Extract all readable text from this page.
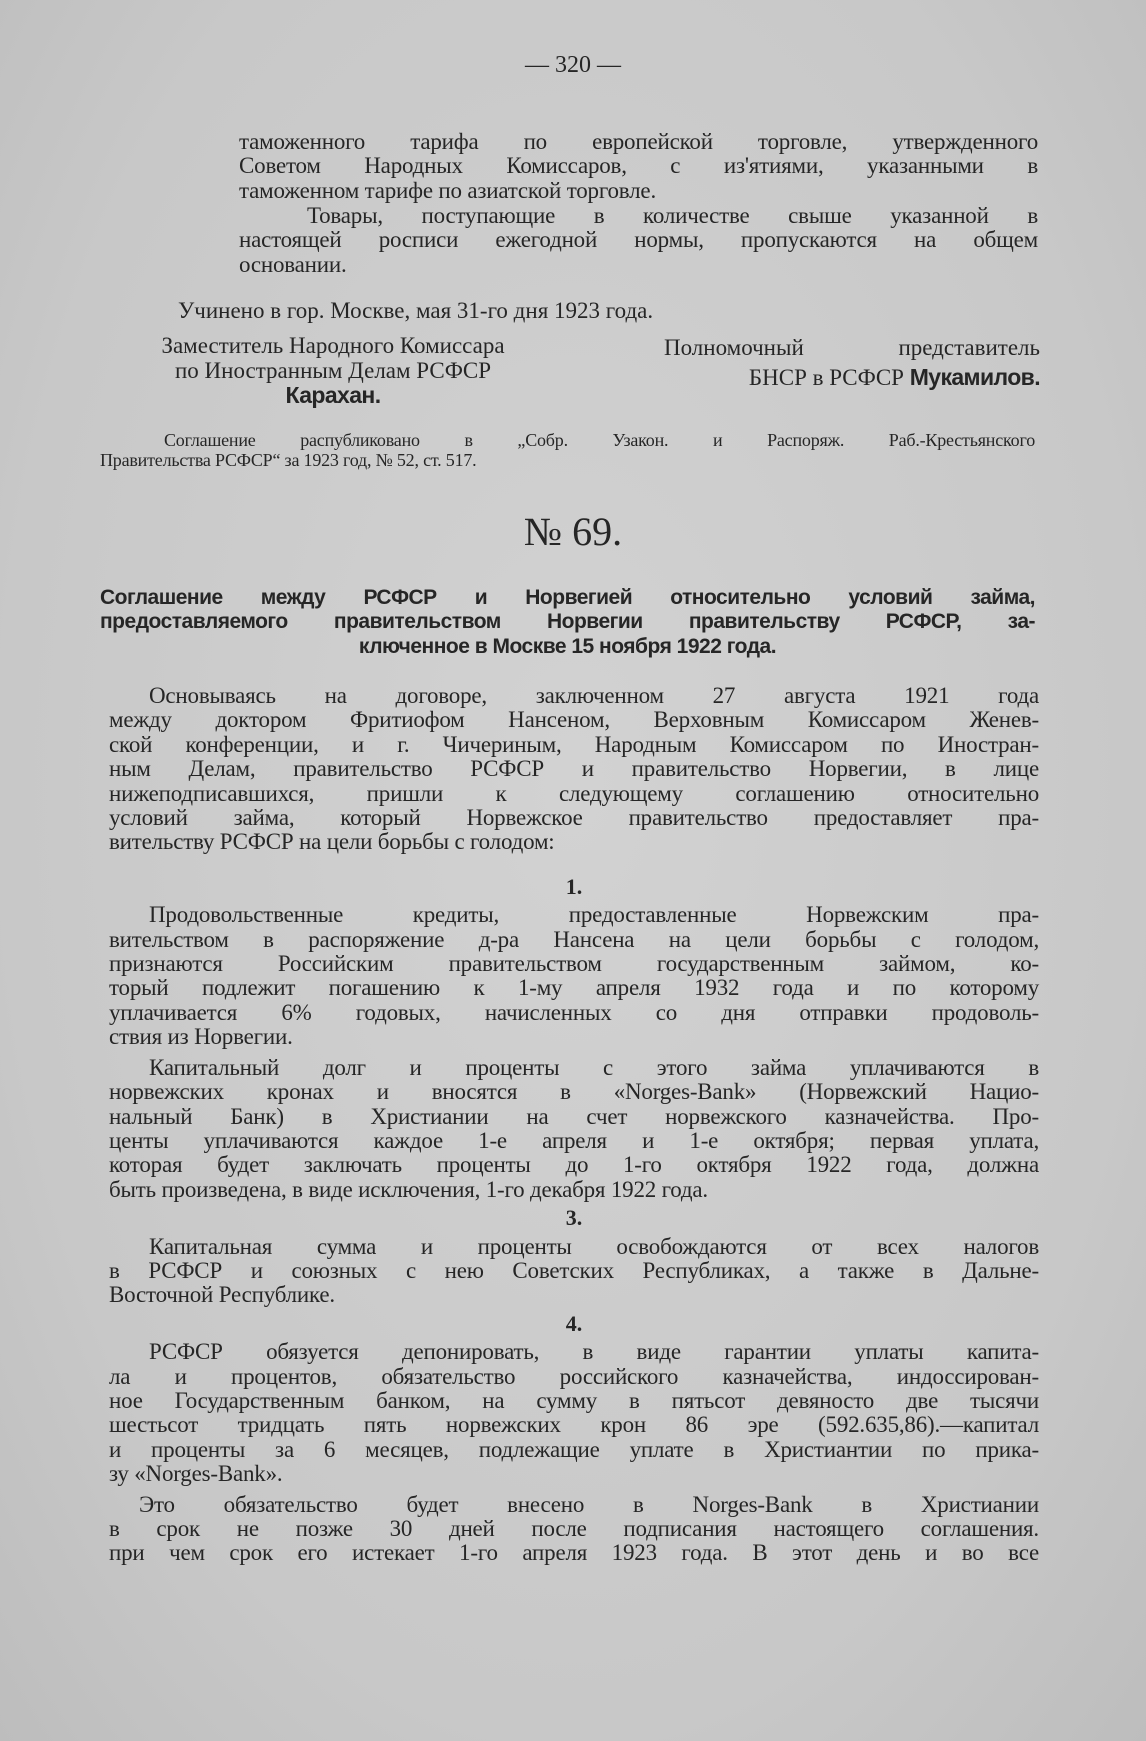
— 320 —
таможенного тарифа по европейской торговле, утвержденного
Советом Народных Комиссаров, с из'ятиями, указанными в
таможенном тарифе по азиатской торговле.
Товары, поступающие в количестве свыше указанной в
настоящей росписи ежегодной нормы, пропускаются на общем
основании.
Учинено в гор. Москве, мая 31-го дня 1923 года.
Заместитель Народного Комиссара
по Иностранным Делам РСФСР
Карахан.
Полномочный представитель
БНСР в РСФСР Мукамилов.
Соглашение распубликовано в „Собр. Узакон. и Распоряж. Раб.-Крестьянского
Правительства РСФСР“ за 1923 год, № 52, ст. 517.
№ 69.
Соглашение между РСФСР и Норвегией относительно условий займа,
предоставляемого правительством Норвегии правительству РСФСР, за-
ключенное в Москве 15 ноября 1922 года.
Основываясь на договоре, заключенном 27 августа 1921 года
между доктором Фритиофом Нансеном, Верховным Комиссаром Женев-
ской конференции, и г. Чичериным, Народным Комиссаром по Иностран-
ным Делам, правительство РСФСР и правительство Норвегии, в лице
нижеподписавшихся, пришли к следующему соглашению относительно
условий займа, который Норвежское правительство предоставляет пра-
вительству РСФСР на цели борьбы с голодом:
1.
Продовольственные кредиты, предоставленные Норвежским пра-
вительством в распоряжение д-ра Нансена на цели борьбы с голодом,
признаются Российским правительством государственным займом, ко-
торый подлежит погашению к 1-му апреля 1932 года и по которому
уплачивается 6% годовых, начисленных со дня отправки продоволь-
ствия из Норвегии.
Капитальный долг и проценты с этого займа уплачиваются в
норвежских кронах и вносятся в «Norges-Bank» (Норвежский Нацио-
нальный Банк) в Христиании на счет норвежского казначейства. Про-
центы уплачиваются каждое 1-е апреля и 1-е октября; первая уплата,
которая будет заключать проценты до 1-го октября 1922 года, должна
быть произведена, в виде исключения, 1-го декабря 1922 года.
3.
Капитальная сумма и проценты освобождаются от всех налогов
в РСФСР и союзных с нею Советских Республиках, а также в Дальне-
Восточной Республике.
4.
РСФСР обязуется депонировать, в виде гарантии уплаты капита-
ла и процентов, обязательство российского казначейства, индоссирован-
ное Государственным банком, на сумму в пятьсот девяносто две тысячи
шестьсот тридцать пять норвежских крон 86 эре (592.635,86).—капитал
и проценты за 6 месяцев, подлежащие уплате в Христиантии по прика-
зу «Norges-Bank».
Это обязательство будет внесено в Norges-Bank в Христиании
в срок не позже 30 дней после подписания настоящего соглашения.
при чем срок его истекает 1-го апреля 1923 года. В этот день и во все
